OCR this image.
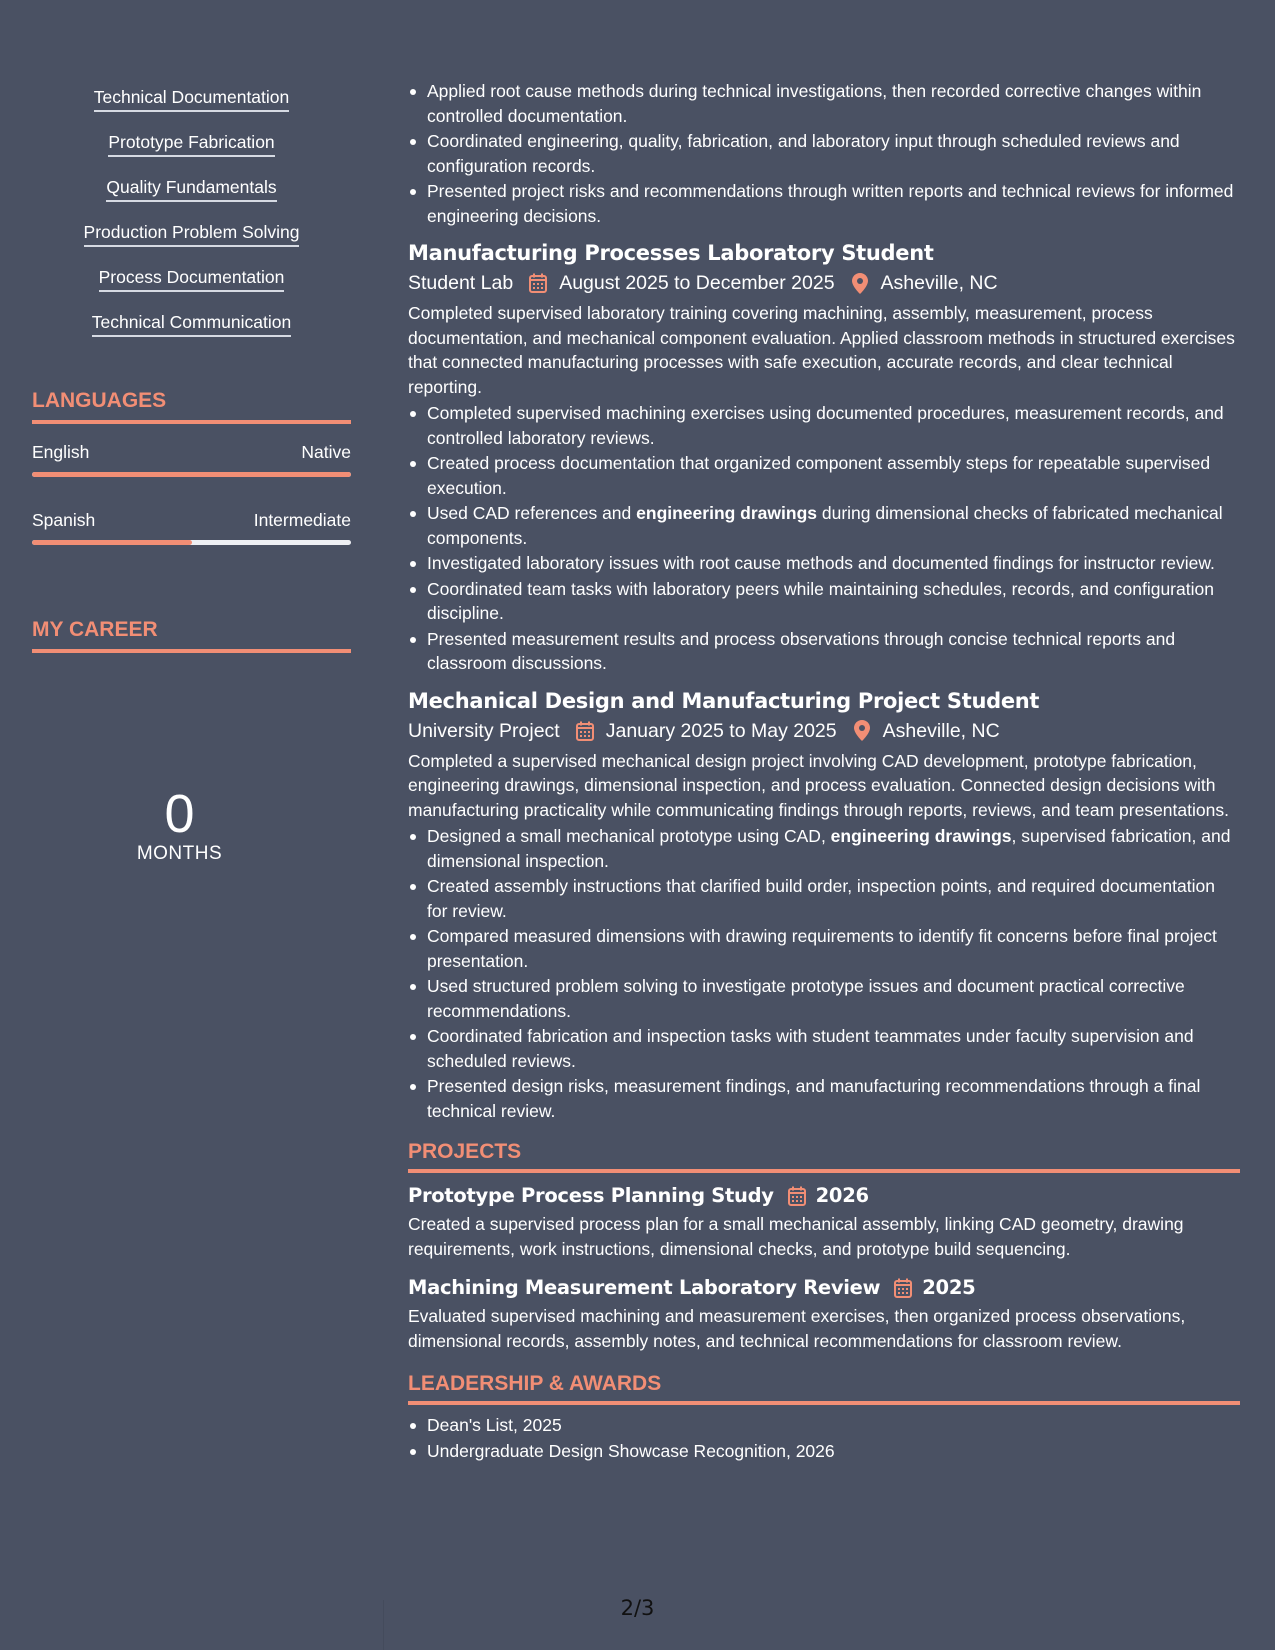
Technical Documentation
Prototype Fabrication
Quality Fundamentals
Production Problem Solving
Process Documentation
Technical Communication
LANGUAGES
English	Native
Spanish	Intermediate
MY CAREER
0
MONTHS
Applied root cause methods during technical investigations, then recorded corrective changes within controlled documentation.
Coordinated engineering, quality, fabrication, and laboratory input through scheduled reviews and configuration records.
Presented project risks and recommendations through written reports and technical reviews for informed engineering decisions.
Manufacturing Processes Laboratory Student
Student Lab August 2025 to December 2025 Asheville, NC

Completed supervised laboratory training covering machining, assembly, measurement, process documentation, and mechanical component evaluation. Applied classroom methods in structured exercises that connected manufacturing processes with safe execution, accurate records, and clear technical reporting.

Completed supervised machining exercises using documented procedures, measurement records, and controlled laboratory reviews.
Created process documentation that organized component assembly steps for repeatable supervised execution.
Used CAD references and engineering drawings during dimensional checks of fabricated mechanical components.
Investigated laboratory issues with root cause methods and documented findings for instructor review.
Coordinated team tasks with laboratory peers while maintaining schedules, records, and configuration discipline.
Presented measurement results and process observations through concise technical reports and classroom discussions.
Mechanical Design and Manufacturing Project Student
University Project January 2025 to May 2025 Asheville, NC

Completed a supervised mechanical design project involving CAD development, prototype fabrication, engineering drawings, dimensional inspection, and process evaluation. Connected design decisions with manufacturing practicality while communicating findings through reports, reviews, and team presentations.

Designed a small mechanical prototype using CAD, engineering drawings, supervised fabrication, and dimensional inspection.
Created assembly instructions that clarified build order, inspection points, and required documentation for review.
Compared measured dimensions with drawing requirements to identify fit concerns before final project presentation.
Used structured problem solving to investigate prototype issues and document practical corrective recommendations.
Coordinated fabrication and inspection tasks with student teammates under faculty supervision and scheduled reviews.
Presented design risks, measurement findings, and manufacturing recommendations through a final technical review.
PROJECTS
Prototype Process Planning Study 2026

Created a supervised process plan for a small mechanical assembly, linking CAD geometry, drawing requirements, work instructions, dimensional checks, and prototype build sequencing.

Machining Measurement Laboratory Review 2025

Evaluated supervised machining and measurement exercises, then organized process observations, dimensional records, assembly notes, and technical recommendations for classroom review.

LEADERSHIP & AWARDS
Dean's List, 2025
Undergraduate Design Showcase Recognition, 2026
2/3
